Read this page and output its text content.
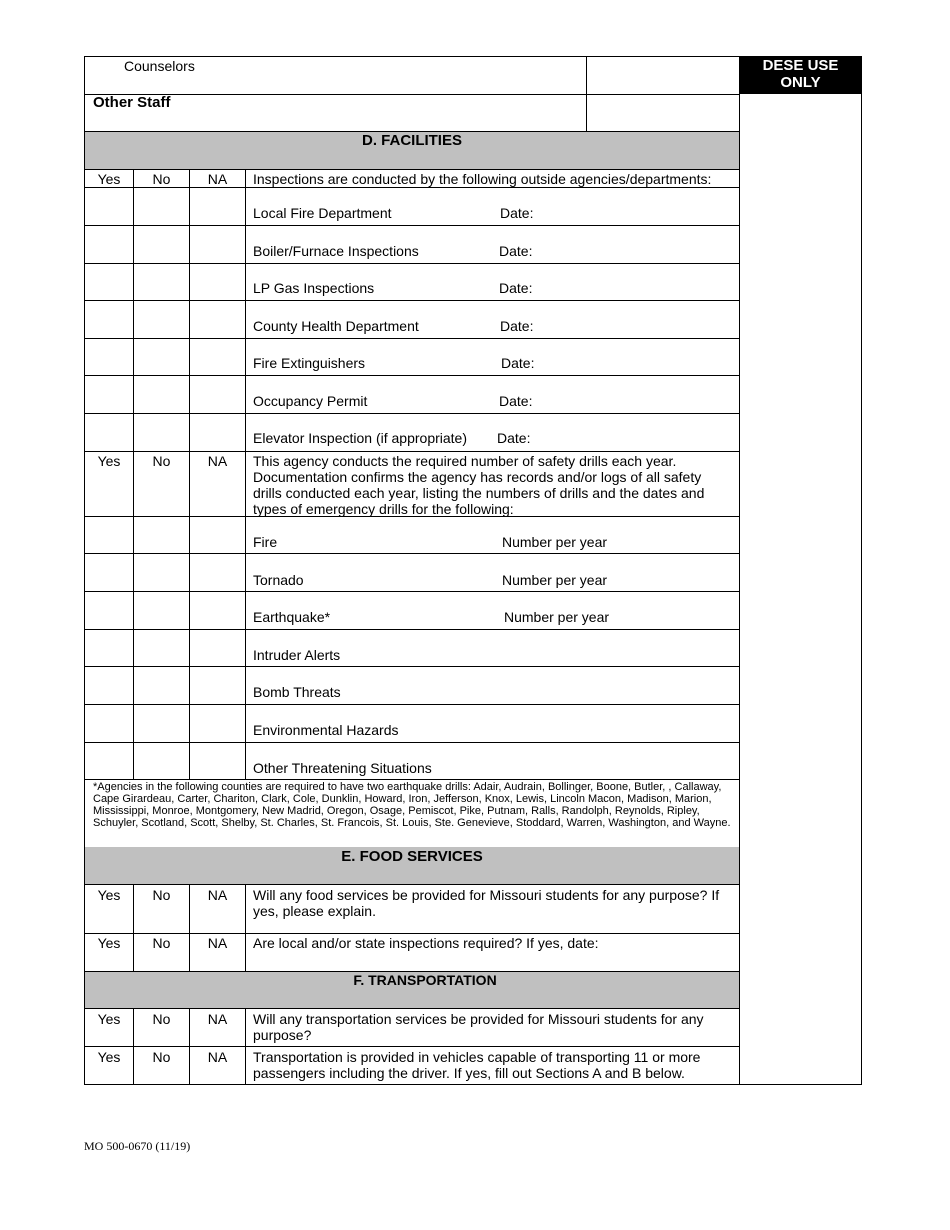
DESE USE ONLY
Counselors
Other Staff
D. FACILITIES
Yes	No	NA	Inspections are conducted by the following outside agencies/departments:
Local Fire Department	Date:
Boiler/Furnace Inspections	Date:
LP Gas Inspections	Date:
County Health Department	Date:
Fire Extinguishers	Date:
Occupancy Permit	Date:
Elevator Inspection (if appropriate) Date:
Yes	No	NA	This agency conducts the required number of safety drills each year. Documentation confirms the agency has records and/or logs of all safety drills conducted each year, listing the numbers of drills and the dates and types of emergency drills for the following:
Fire	Number per year
Tornado	Number per year
Earthquake*	Number per year
Intruder Alerts
Bomb Threats
Environmental Hazards
Other Threatening Situations
*Agencies in the following counties are required to have two earthquake drills: Adair, Audrain, Bollinger, Boone, Butler, , Callaway, Cape Girardeau, Carter, Chariton, Clark, Cole, Dunklin, Howard, Iron, Jefferson, Knox, Lewis, Lincoln Macon, Madison, Marion, Mississippi, Monroe, Montgomery, New Madrid, Oregon, Osage, Pemiscot, Pike, Putnam, Ralls, Randolph, Reynolds, Ripley, Schuyler, Scotland, Scott, Shelby, St. Charles, St. Francois, St. Louis, Ste. Genevieve, Stoddard, Warren, Washington, and Wayne.
E. FOOD SERVICES
Yes	No	NA	Will any food services be provided for Missouri students for any purpose? If yes, please explain.
Yes	No	NA	Are local and/or state inspections required? If yes, date:
F. TRANSPORTATION
Yes	No	NA	Will any transportation services be provided for Missouri students for any purpose?
Yes	No	NA	Transportation is provided in vehicles capable of transporting 11 or more passengers including the driver. If yes, fill out Sections A and B below.
MO 500-0670 (11/19)
